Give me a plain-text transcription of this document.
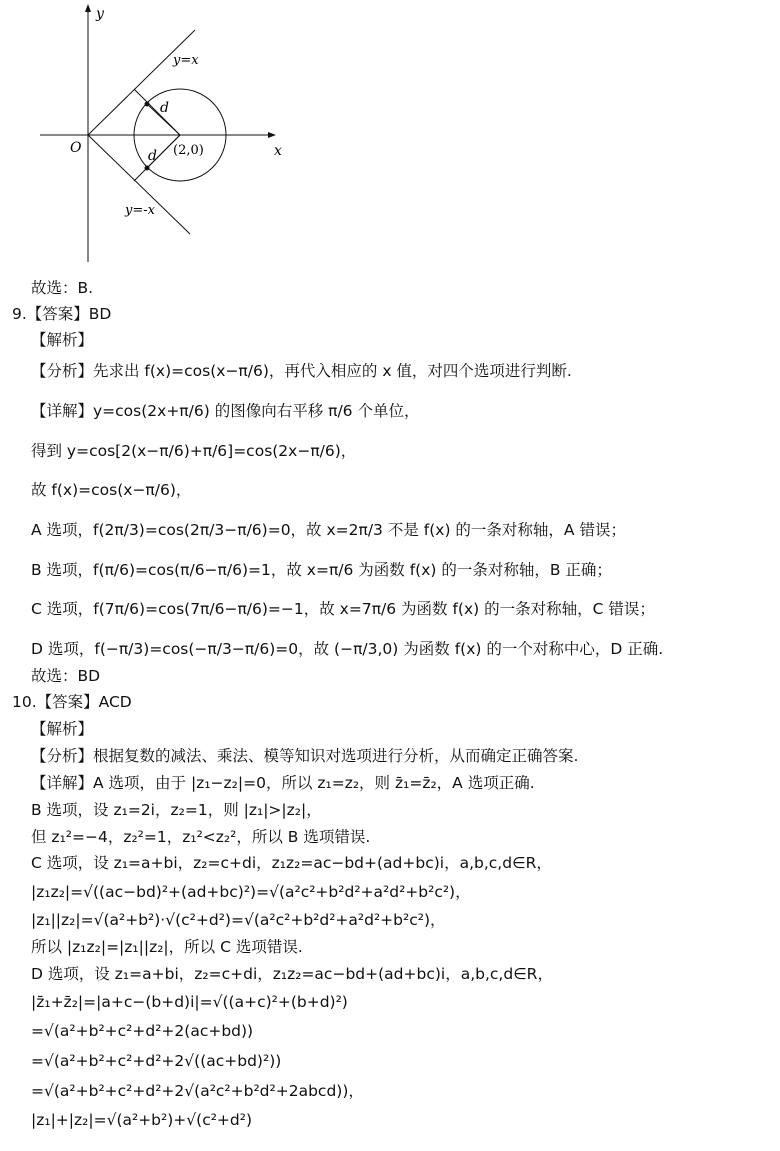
y
x
O
y=x
y=-x
(2,0)
d
d
故选：B.
9.【答案】BD
【解析】
【分析】先求出 f(x)=cos(x−π/6)，再代入相应的 x 值，对四个选项进行判断.
【详解】y=cos(2x+π/6) 的图像向右平移 π/6 个单位，
得到 y=cos[2(x−π/6)+π/6]=cos(2x−π/6)，
故 f(x)=cos(x−π/6)，
A 选项，f(2π/3)=cos(2π/3−π/6)=0，故 x=2π/3 不是 f(x) 的一条对称轴，A 错误；
B 选项，f(π/6)=cos(π/6−π/6)=1，故 x=π/6 为函数 f(x) 的一条对称轴，B 正确；
C 选项，f(7π/6)=cos(7π/6−π/6)=−1，故 x=7π/6 为函数 f(x) 的一条对称轴，C 错误；
D 选项，f(−π/3)=cos(−π/3−π/6)=0，故 (−π/3,0) 为函数 f(x) 的一个对称中心，D 正确.
故选：BD
10.【答案】ACD
【解析】
【分析】根据复数的减法、乘法、模等知识对选项进行分析，从而确定正确答案.
【详解】A 选项，由于 |z₁−z₂|=0，所以 z₁=z₂，则 z̄₁=z̄₂，A 选项正确.
B 选项，设 z₁=2i，z₂=1，则 |z₁|>|z₂|，
但 z₁²=−4，z₂²=1，z₁²<z₂²，所以 B 选项错误.
C 选项，设 z₁=a+bi，z₂=c+di，z₁z₂=ac−bd+(ad+bc)i，a,b,c,d∈R，
|z₁z₂|=√((ac−bd)²+(ad+bc)²)=√(a²c²+b²d²+a²d²+b²c²)，
|z₁||z₂|=√(a²+b²)·√(c²+d²)=√(a²c²+b²d²+a²d²+b²c²)，
所以 |z₁z₂|=|z₁||z₂|，所以 C 选项错误.
D 选项，设 z₁=a+bi，z₂=c+di，z₁z₂=ac−bd+(ad+bc)i，a,b,c,d∈R，
|z̄₁+z̄₂|=|a+c−(b+d)i|=√((a+c)²+(b+d)²)
=√(a²+b²+c²+d²+2(ac+bd))
=√(a²+b²+c²+d²+2√((ac+bd)²))
=√(a²+b²+c²+d²+2√(a²c²+b²d²+2abcd))，
|z₁|+|z₂|=√(a²+b²)+√(c²+d²)
